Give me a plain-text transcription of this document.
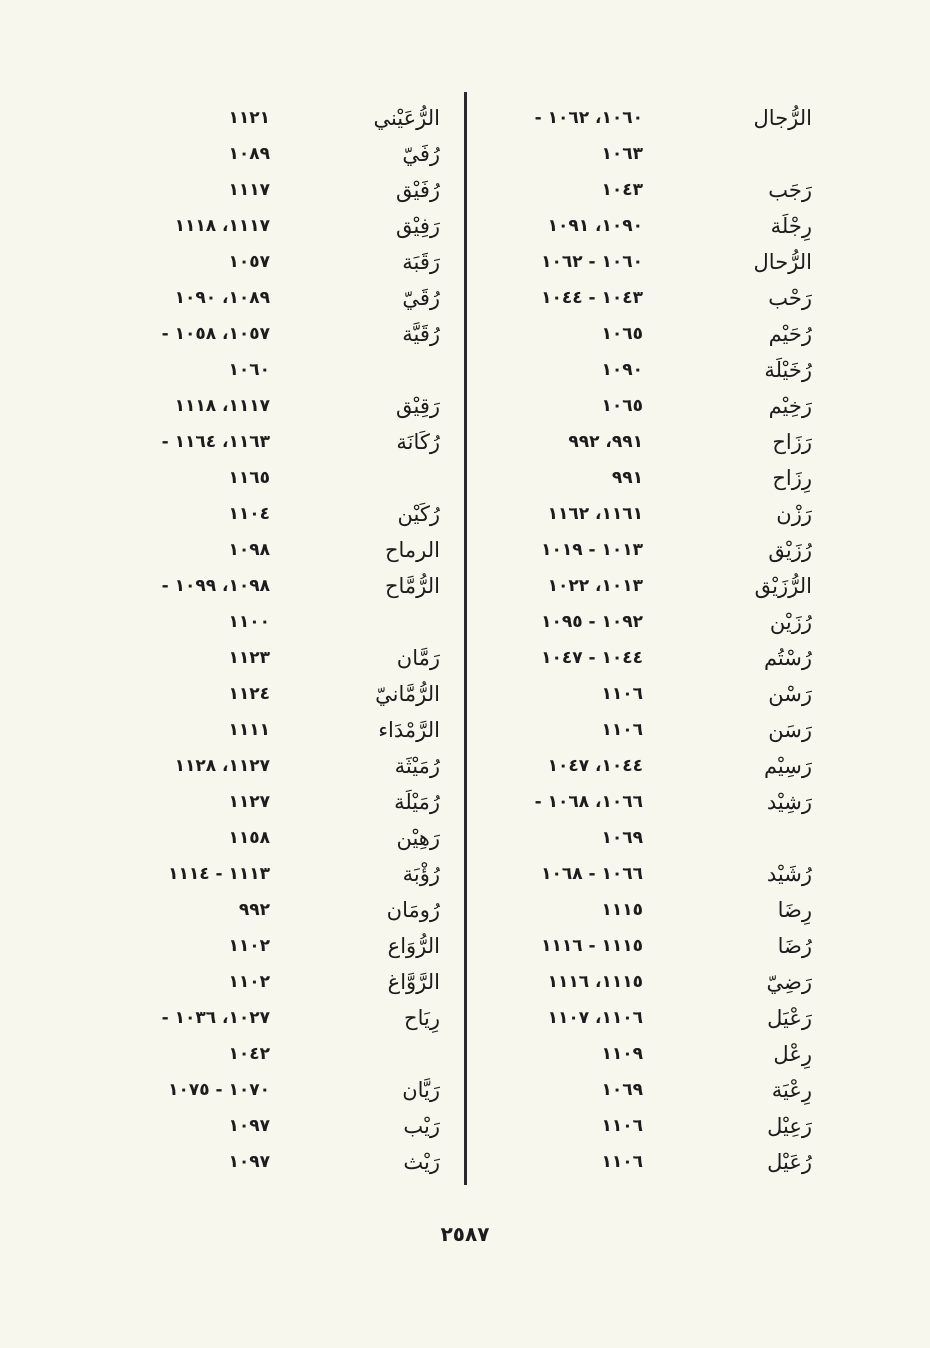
الرُّجال
١٠٦٠، ١٠٦٢ -
١٠٦٣
رَجَب
١٠٤٣
رِجْلَة
١٠٩٠، ١٠٩١
الرُّحال
١٠٦٠ - ١٠٦٢
رَحْب
١٠٤٣ - ١٠٤٤
رُحَيْم
١٠٦٥
رُخَيْلَة
١٠٩٠
رَخِيْم
١٠٦٥
رَزَاح
٩٩١، ٩٩٢
رِزَاح
٩٩١
رَزْن
١١٦١، ١١٦٢
رُزَيْق
١٠١٣ - ١٠١٩
الرُّزَيْق
١٠١٣، ١٠٢٢
رُزَيْن
١٠٩٢ - ١٠٩٥
رُسْتُم
١٠٤٤ - ١٠٤٧
رَسْن
١١٠٦
رَسَن
١١٠٦
رَسِيْم
١٠٤٤، ١٠٤٧
رَشِيْد
١٠٦٦، ١٠٦٨ -
١٠٦٩
رُشَيْد
١٠٦٦ - ١٠٦٨
رِضَا
١١١٥
رُضَا
١١١٥ - ١١١٦
رَضِيّ
١١١٥، ١١١٦
رَعْيَل
١١٠٦، ١١٠٧
رِعْل
١١٠٩
رِعْيَة
١٠٦٩
رَعِيْل
١١٠٦
رُعَيْل
١١٠٦
الرُّعَيْني
١١٢١
رُفَيّ
١٠٨٩
رُفَيْق
١١١٧
رَفِيْق
١١١٧، ١١١٨
رَقَبَة
١٠٥٧
رُقَيّ
١٠٨٩، ١٠٩٠
رُقَيَّة
١٠٥٧، ١٠٥٨ -
١٠٦٠
رَقِيْق
١١١٧، ١١١٨
رُكَانَة
١١٦٣، ١١٦٤ -
١١٦٥
رُكَيْن
١١٠٤
الرماح
١٠٩٨
الرُّمَّاح
١٠٩٨، ١٠٩٩ -
١١٠٠
رَمَّان
١١٢٣
الرُّمَّانيّ
١١٢٤
الرَّمْدَاء
١١١١
رُمَيْثَة
١١٢٧، ١١٢٨
رُمَيْلَة
١١٢٧
رَهِيْن
١١٥٨
رُؤْبَة
١١١٣ - ١١١٤
رُومَان
٩٩٢
الرُّوَاع
١١٠٢
الرَّوَّاغ
١١٠٢
رِيَاح
١٠٢٧، ١٠٣٦ -
١٠٤٢
رَيَّان
١٠٧٠ - ١٠٧٥
رَيْب
١٠٩٧
رَيْث
١٠٩٧
٢٥٨٧
